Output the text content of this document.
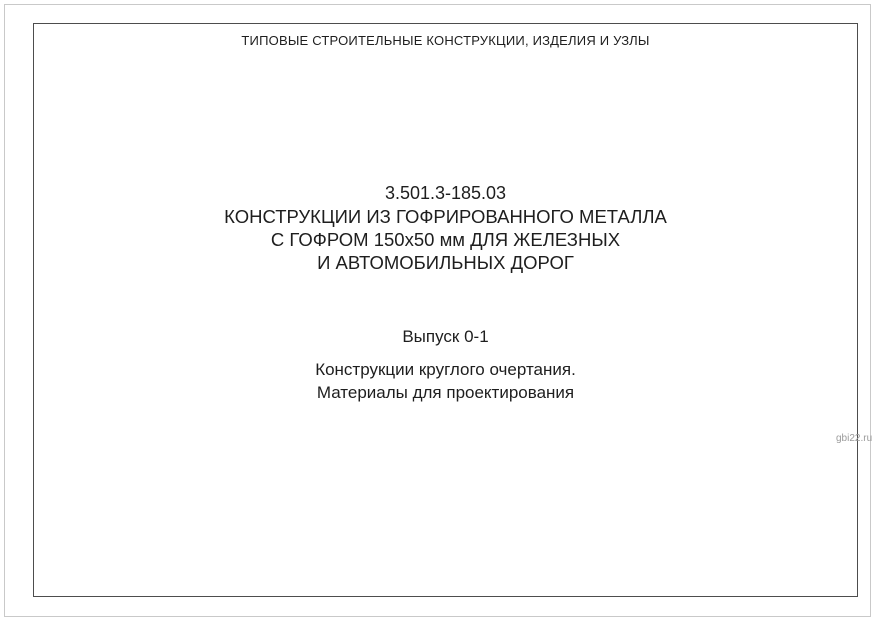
ТИПОВЫЕ СТРОИТЕЛЬНЫЕ КОНСТРУКЦИИ, ИЗДЕЛИЯ И УЗЛЫ
3.501.3-185.03
КОНСТРУКЦИИ ИЗ ГОФРИРОВАННОГО МЕТАЛЛА
С ГОФРОМ 150х50 мм ДЛЯ ЖЕЛЕЗНЫХ
И АВТОМОБИЛЬНЫХ ДОРОГ
Выпуск 0-1
Конструкции круглого очертания.
Материалы для проектирования
gbi22.ru
